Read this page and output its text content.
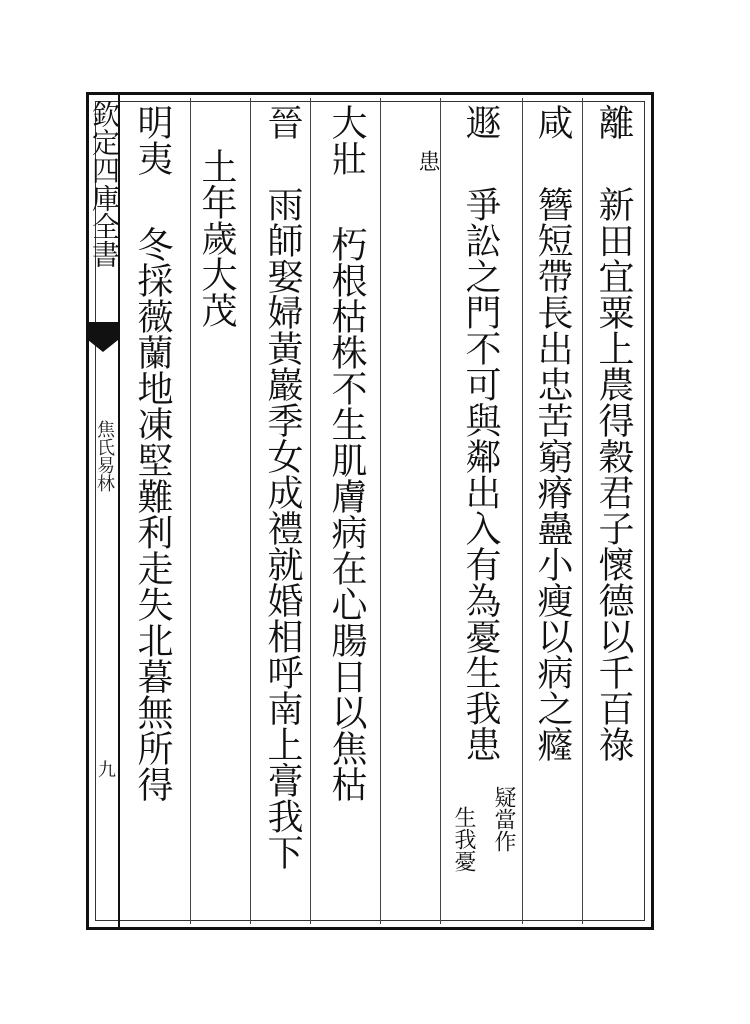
欽定四庫全書
焦氏易林
九
離
新田宜粟上農得穀君子懷德以千百祿
咸
簪短帶長出忠苦窮瘠蠱小瘦以病之癃
遯
爭訟之門不可與鄰出入有為憂生我患
疑當作
生我憂
患
大壯
朽根枯株不生肌膚病在心腸日以焦枯
晉
雨師娶婦黃巖季女成禮就婚相呼南上膏我下
土年歲大茂
明夷
冬採薇蘭地凍堅難利走失北暮無所得
